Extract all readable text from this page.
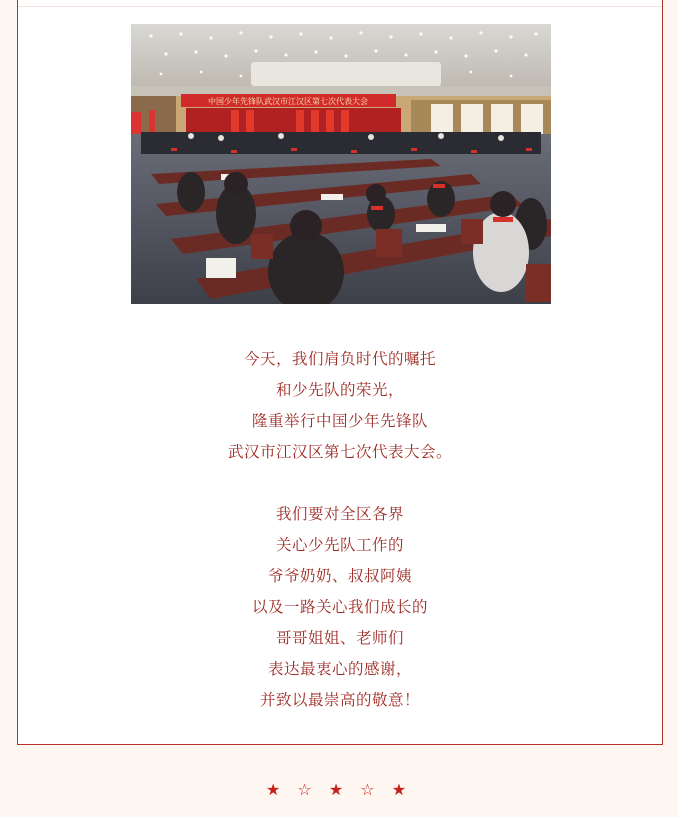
中国少年先锋队武汉市江汉区第七次代表大会
今天，我们肩负时代的嘱托
和少先队的荣光，
隆重举行中国少年先锋队
武汉市江汉区第七次代表大会。
我们要对全区各界
关心少先队工作的
爷爷奶奶、叔叔阿姨
以及一路关心我们成长的
哥哥姐姐、老师们
表达最衷心的感谢，
并致以最崇高的敬意！
★ ☆ ★ ☆ ★
